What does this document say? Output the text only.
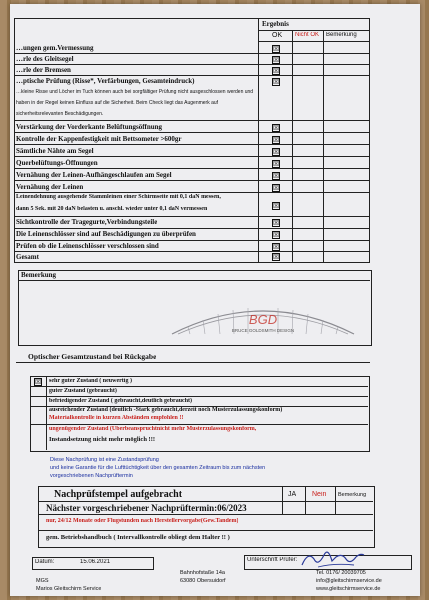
Ergebnis
OK Nicht OK Bemerkung
…ungen gem.Vermessung	☒
…rle des Gleitsegel	☒
…rle der Bremsen	☒
…ptische Prüfung (Risse*, Verfärbungen, Gesamteindruck)	☒
…kleine Risse und Löcher im Tuch können auch bei sorgfältiger Prüfung nicht ausgeschlossen werden und
haben in der Regel keinen Einfluss auf die Sicherheit. Beim Check liegt das Augenmerk auf
sicherheitsrelevanten Beschädigungen.
Verstärkung der Vorderkante Belüftungsöffnung	☒
Kontrolle der Kappenfestigkeit mit Bettsometer >600gr	☒
Sämtliche Nähte am Segel	☒
Querbelüftungs-Öffnungen	☒
Vernähung der Leinen-Aufhängeschlaufen am Segel	☒
Vernähung der Leinen	☒
Leinendehnung ausgehende Stammleinen einer Schirmseite mit 0,1 daN messen,
dann 5 Sek. mit 20 daN belasten u. anschl. wieder unter 0,1 daN vermessen	☒
Sichtkontrolle der Tragegurte,Verbindungsteile	☒
Die Leinenschlösser sind auf Beschädigungen zu überprüfen	☒
Prüfen ob die Leinenschlösser verschlossen sind	☒
Gesamt	☒
Bemerkung
BGD
BRUCE GOLDSMITH DESIGN
Optischer Gesamtzustand bei Rückgabe
☒ sehr guter Zustand ( neuwertig )
guter Zustand (gebraucht)
befriedigender Zustand ( gebraucht,deutlich gebraucht)
ausreichender Zustand (deutlich -Stark gebraucht,derzeit noch Musterzulassungskonform)
Materialkontrolle in kurzen Abständen empfohlen !!
ungenügender Zustand (Überbeanspruchtnicht mehr Musterzulassungskonform,
Instandsetzung nicht mehr möglich !!!
Diese Nachprüfung ist eine Zustandsprüfung
und keine Garantie für die Lufttüchtigkeit über den gesamten Zeitraum bis zum nächsten
vorgeschriebenen Nachprüftermin
Nachprüfstempel aufgebracht	JA Nein Bemerkung
Nächster vorgeschriebener Nachprüftermin:06/2023
nur, 24/12 Monate oder Flugstunden nach Herstellervorgabe(Gew.Tandem)
gem. Betriebshandbuch ( Intervallkontrolle obliegt dem Halter !! )
Datum:	15.06.2021	Unterschrift Prüfer:
MGS
Marios Gleitschirm Service
Bahnhofstaße 14a
63080 Obersuidorf
Tel. 0176/ 20039705
info@gleitschirmservice.de
www.gleitschirmservice.de
